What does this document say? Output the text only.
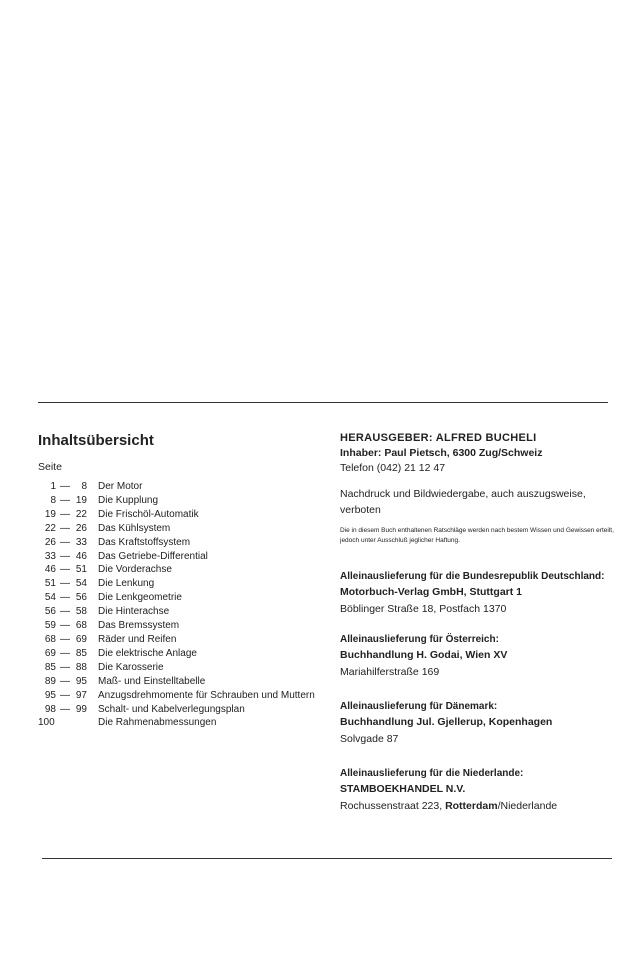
Inhaltsübersicht
Seite
1 —	8	Der Motor
8 — 19	Die Kupplung
19 — 22	Die Frischöl-Automatik
22 — 26	Das Kühlsystem
26 — 33	Das Kraftstoffsystem
33 — 46	Das Getriebe-Differential
46 — 51	Die Vorderachse
51 — 54	Die Lenkung
54 — 56	Die Lenkgeometrie
56 — 58	Die Hinterachse
59 — 68	Das Bremssystem
68 — 69	Räder und Reifen
69 — 85	Die elektrische Anlage
85 — 88	Die Karosserie
89 — 95	Maß- und Einstelltabelle
95 — 97	Anzugsdrehmomente für Schrauben und Muttern
98 — 99	Schalt- und Kabelverlegungsplan
100	Die Rahmenabmessungen
HERAUSGEBER: ALFRED BUCHELI
Inhaber: Paul Pietsch, 6300 Zug/Schweiz
Telefon (042) 21 12 47
Nachdruck und Bildwiedergabe, auch auszugsweise, verboten
Die in diesem Buch enthaltenen Ratschläge werden nach bestem Wissen und Gewissen erteilt, jedoch unter Ausschluß jeglicher Haftung.
Alleinauslieferung für die Bundesrepublik Deutschland:
Motorbuch-Verlag GmbH, Stuttgart 1
Böblinger Straße 18, Postfach 1370
Alleinauslieferung für Österreich:
Buchhandlung H. Godai, Wien XV
Mariahilferstraße 169
Alleinauslieferung für Dänemark:
Buchhandlung Jul. Gjellerup, Kopenhagen
Solvgade 87
Alleinauslieferung für die Niederlande:
STAMBOEKHANDEL N.V.
Rochussenstraat 223, Rotterdam/Niederlande
